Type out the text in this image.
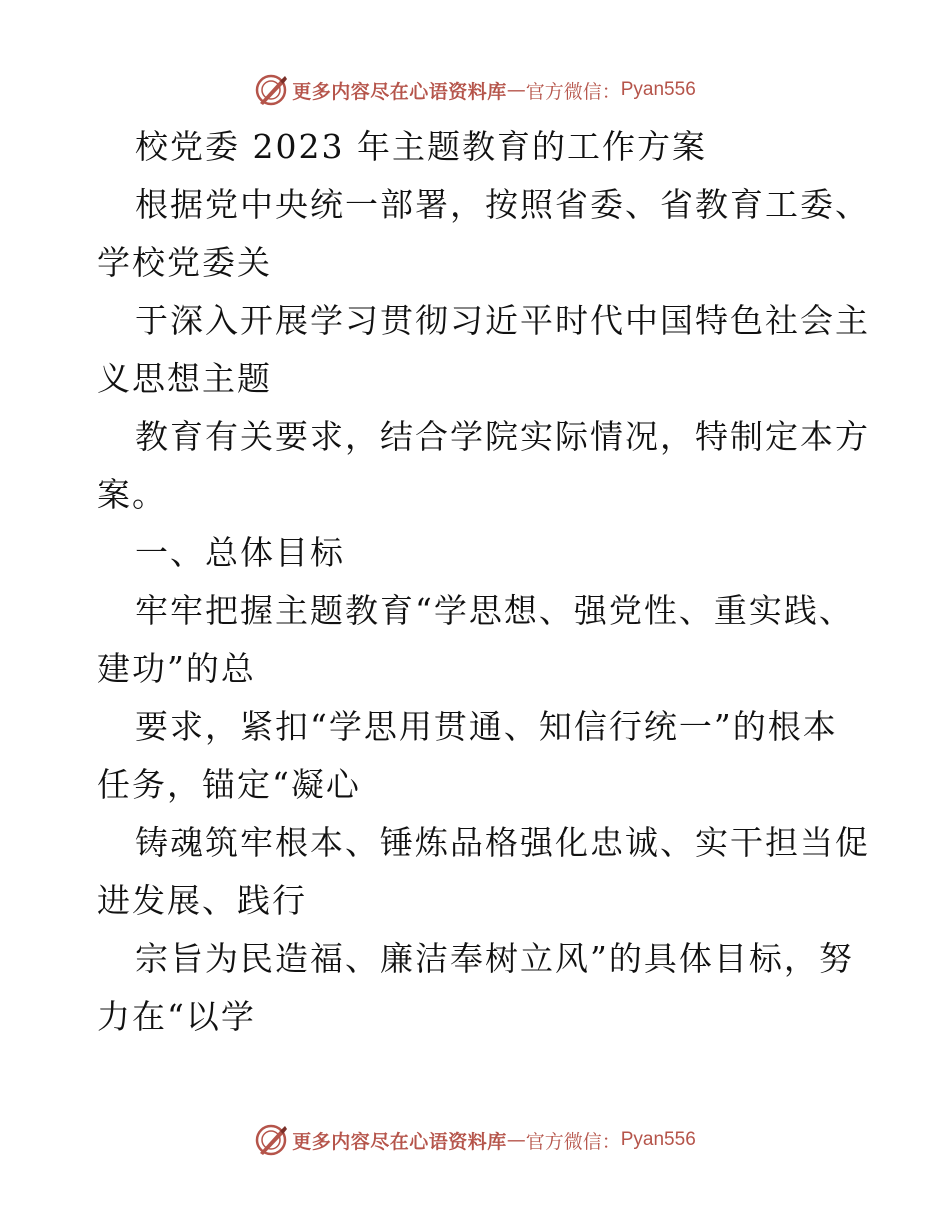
更多内容尽在心语资料库 — 官方微信： Pyan556

校党委 2023 年主题教育的工作方案

根据党中央统一部署，按照省委、省教育工委、
学校党委关

于深入开展学习贯彻习近平时代中国特色社会主
义思想主题

教育有关要求，结合学院实际情况，特制定本方
案。

一、总体目标

牢牢把握主题教育“学思想、强党性、重实践、
建功”的总

要求，紧扣“学思用贯通、知信行统一”的根本
任务，锚定“凝心

铸魂筑牢根本、锤炼品格强化忠诚、实干担当促
进发展、践行

宗旨为民造福、廉洁奉树立风”的具体目标，努
力在“以学

更多内容尽在心语资料库 — 官方微信： Pyan556
